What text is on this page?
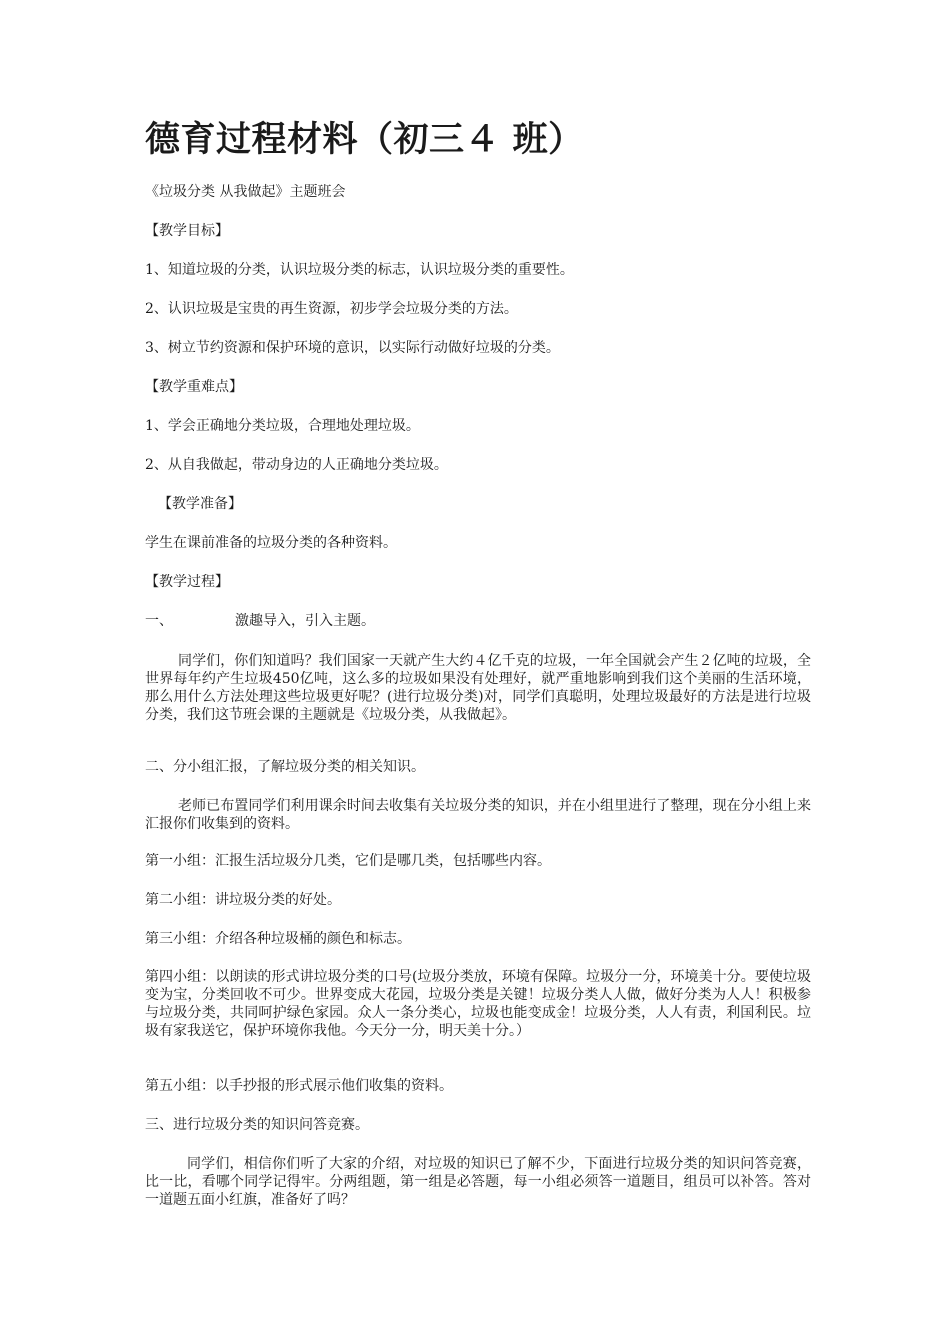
德育过程材料（初三４ 班）
《垃圾分类 从我做起》主题班会
【教学目标】
1、知道垃圾的分类，认识垃圾分类的标志，认识垃圾分类的重要性。
2、认识垃圾是宝贵的再生资源，初步学会垃圾分类的方法。
3、树立节约资源和保护环境的意识，以实际行动做好垃圾的分类。
【教学重难点】
1、学会正确地分类垃圾，合理地处理垃圾。
2、从自我做起，带动身边的人正确地分类垃圾。
【教学准备】
学生在课前准备的垃圾分类的各种资料。
【教学过程】
一、	激趣导入，引入主题。
同学们，你们知道吗？我们国家一天就产生大约４亿千克的垃圾，一年全国就会产生２亿吨的垃圾，全世界每年约产生垃圾450亿吨，这么多的垃圾如果没有处理好，就严重地影响到我们这个美丽的生活环境，那么用什么方法处理这些垃圾更好呢？(进行垃圾分类)对，同学们真聪明，处理垃圾最好的方法是进行垃圾分类，我们这节班会课的主题就是《垃圾分类，从我做起》。
二、分小组汇报，了解垃圾分类的相关知识。
老师已布置同学们利用课余时间去收集有关垃圾分类的知识，并在小组里进行了整理，现在分小组上来汇报你们收集到的资料。
第一小组：汇报生活垃圾分几类，它们是哪几类，包括哪些内容。
第二小组：讲垃圾分类的好处。
第三小组：介绍各种垃圾桶的颜色和标志。
第四小组：以朗读的形式讲垃圾分类的口号(垃圾分类放，环境有保障。垃圾分一分，环境美十分。要使垃圾变为宝，分类回收不可少。世界变成大花园，垃圾分类是关键！垃圾分类人人做，做好分类为人人！积极参与垃圾分类，共同呵护绿色家园。众人一条分类心，垃圾也能变成金！垃圾分类，人人有责，利国利民。垃圾有家我送它，保护环境你我他。今天分一分，明天美十分。）
第五小组：以手抄报的形式展示他们收集的资料。
三、进行垃圾分类的知识问答竞赛。
同学们，相信你们听了大家的介绍，对垃圾的知识已了解不少，下面进行垃圾分类的知识问答竞赛，比一比，看哪个同学记得牢。分两组题，第一组是必答题，每一小组必须答一道题目，组员可以补答。答对一道题五面小红旗，准备好了吗？
